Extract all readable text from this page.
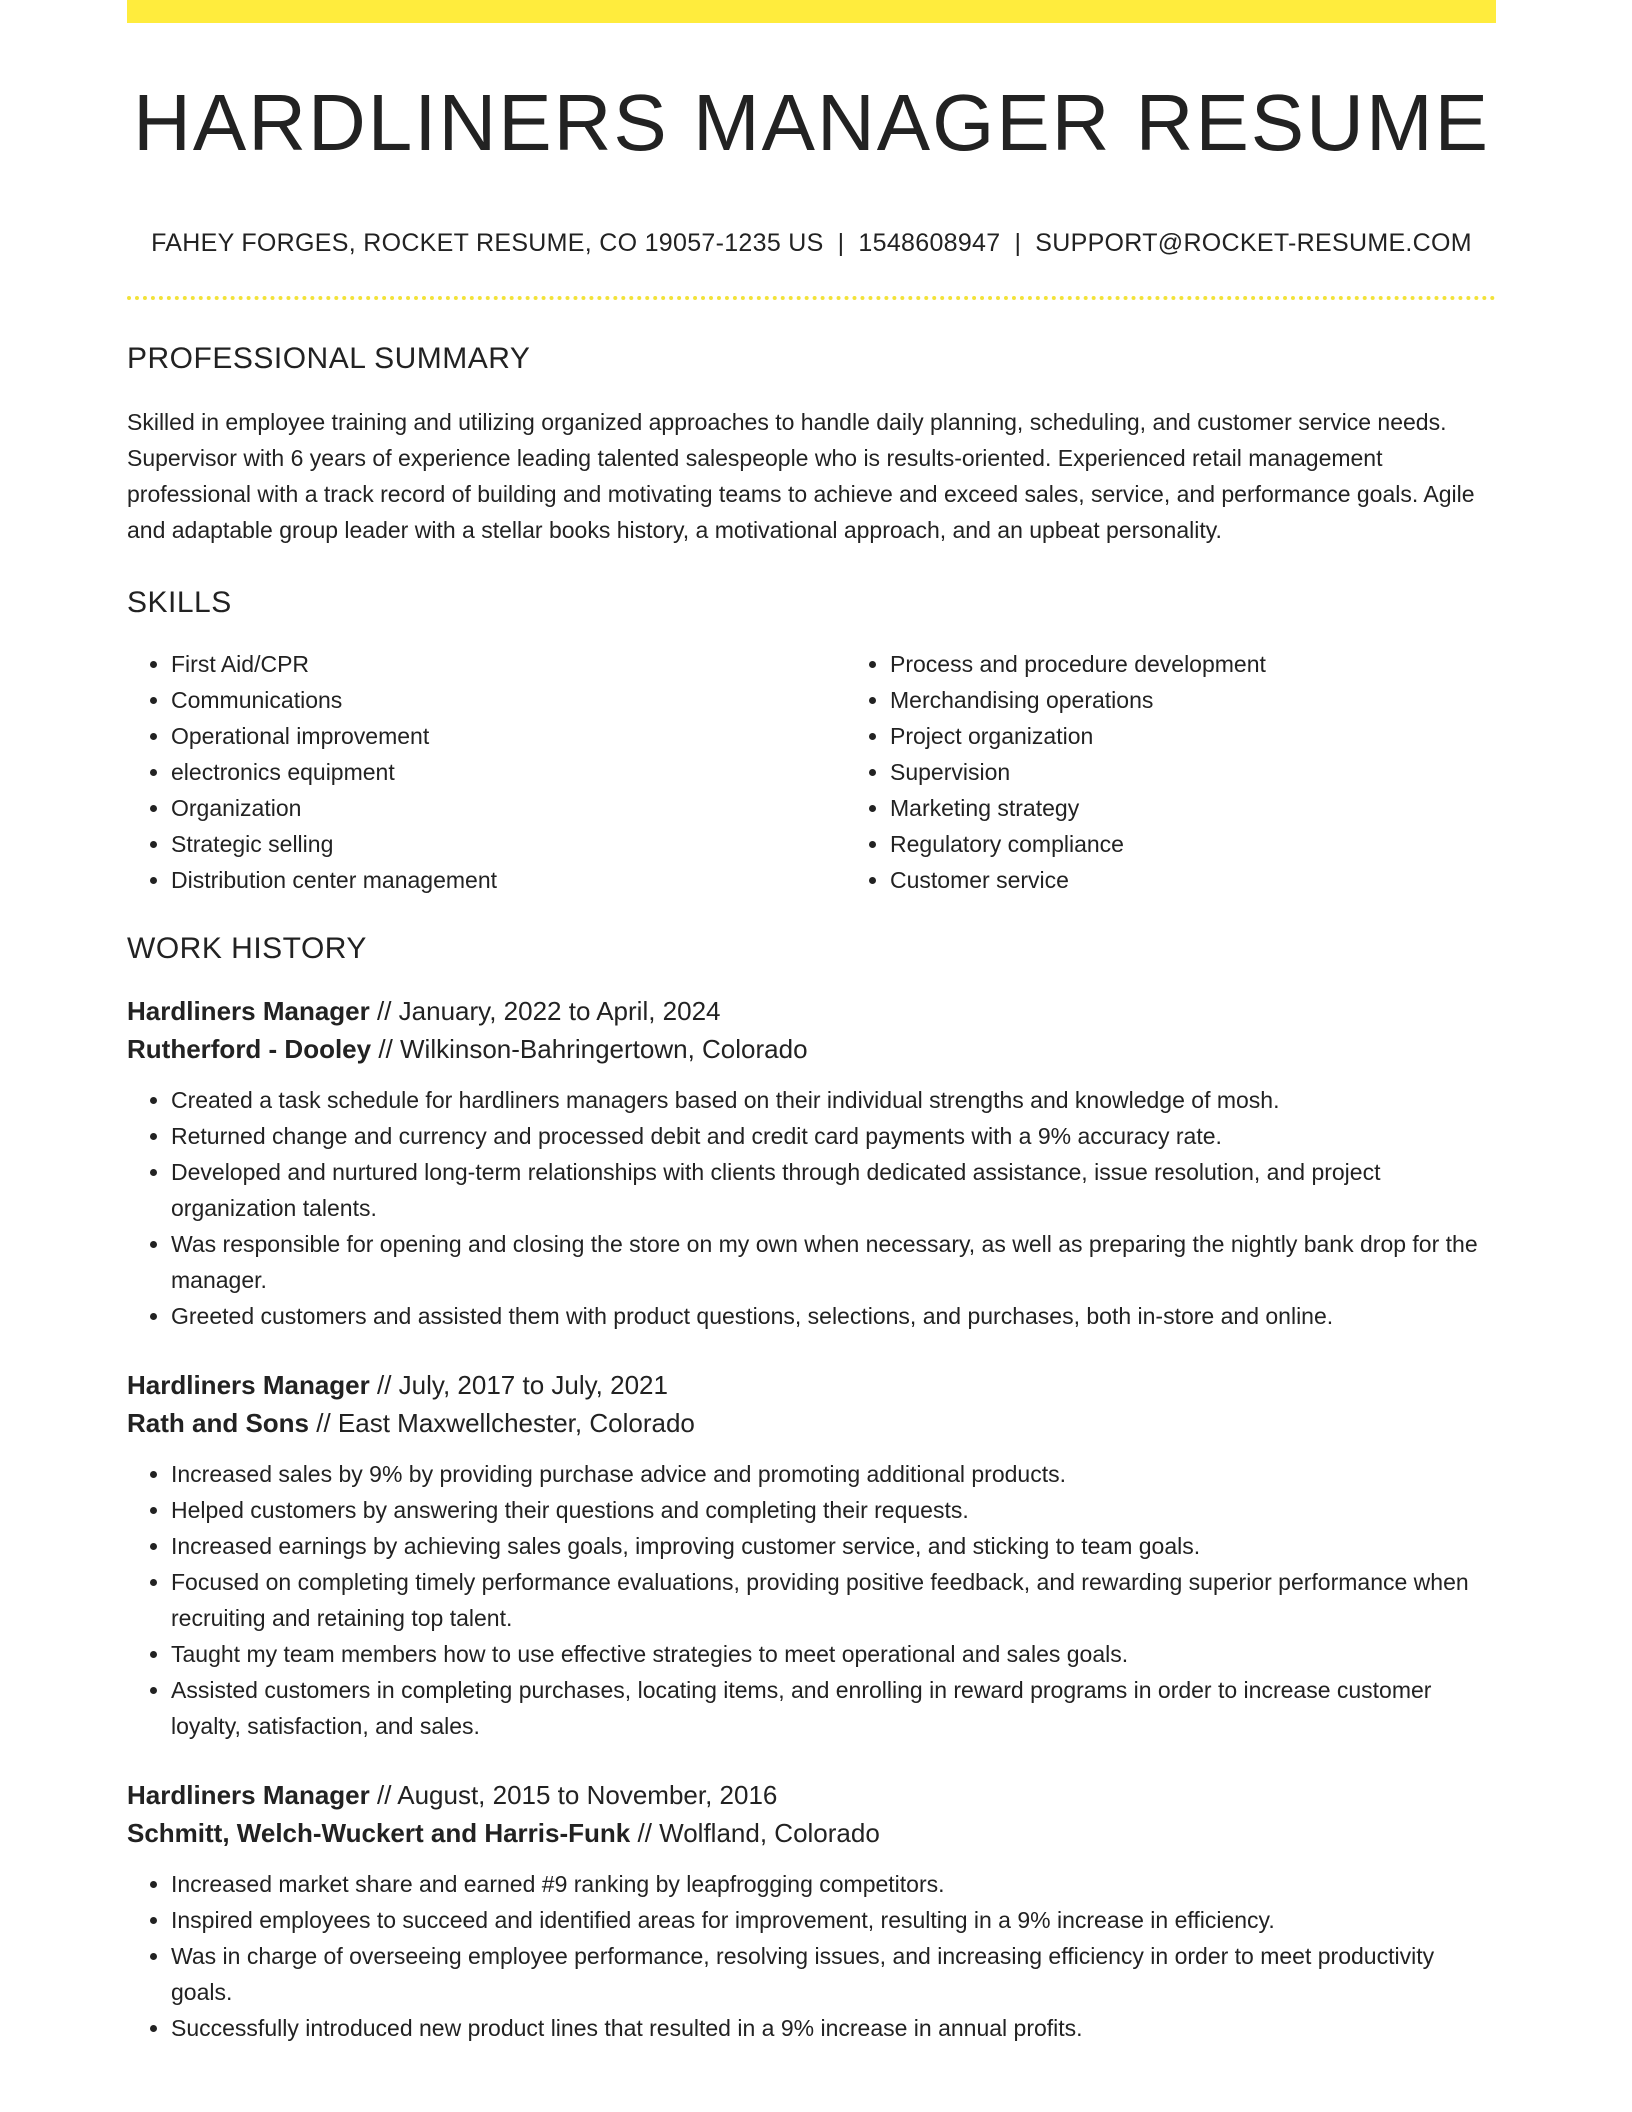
HARDLINERS MANAGER RESUME
FAHEY FORGES, ROCKET RESUME, CO 19057-1235 US | 1548608947 | SUPPORT@ROCKET-RESUME.COM
PROFESSIONAL SUMMARY

Skilled in employee training and utilizing organized approaches to handle daily planning, scheduling, and customer service needs. Supervisor with 6 years of experience leading talented salespeople who is results-oriented. Experienced retail management professional with a track record of building and motivating teams to achieve and exceed sales, service, and performance goals. Agile and adaptable group leader with a stellar books history, a motivational approach, and an upbeat personality.

SKILLS
• First Aid/CPR
• Communications
• Operational improvement
• electronics equipment
• Organization
• Strategic selling
• Distribution center management
• Process and procedure development
• Merchandising operations
• Project organization
• Supervision
• Marketing strategy
• Regulatory compliance
• Customer service
WORK HISTORY
Hardliners Manager // January, 2022 to April, 2024
Rutherford - Dooley // Wilkinson-Bahringertown, Colorado
• Created a task schedule for hardliners managers based on their individual strengths and knowledge of mosh.
• Returned change and currency and processed debit and credit card payments with a 9% accuracy rate.
• Developed and nurtured long-term relationships with clients through dedicated assistance, issue resolution, and project organization talents.
• Was responsible for opening and closing the store on my own when necessary, as well as preparing the nightly bank drop for the manager.
• Greeted customers and assisted them with product questions, selections, and purchases, both in-store and online.
Hardliners Manager // July, 2017 to July, 2021
Rath and Sons // East Maxwellchester, Colorado
• Increased sales by 9% by providing purchase advice and promoting additional products.
• Helped customers by answering their questions and completing their requests.
• Increased earnings by achieving sales goals, improving customer service, and sticking to team goals.
• Focused on completing timely performance evaluations, providing positive feedback, and rewarding superior performance when recruiting and retaining top talent.
• Taught my team members how to use effective strategies to meet operational and sales goals.
• Assisted customers in completing purchases, locating items, and enrolling in reward programs in order to increase customer loyalty, satisfaction, and sales.
Hardliners Manager // August, 2015 to November, 2016
Schmitt, Welch-Wuckert and Harris-Funk // Wolfland, Colorado
• Increased market share and earned #9 ranking by leapfrogging competitors.
• Inspired employees to succeed and identified areas for improvement, resulting in a 9% increase in efficiency.
• Was in charge of overseeing employee performance, resolving issues, and increasing efficiency in order to meet productivity goals.
• Successfully introduced new product lines that resulted in a 9% increase in annual profits.
